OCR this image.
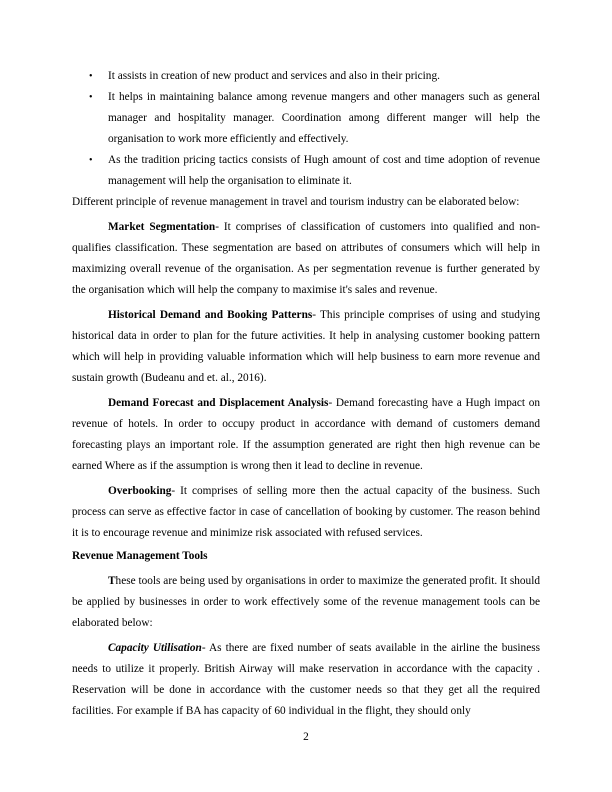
• It assists in creation of new product and services and also in their pricing.
• It helps in maintaining balance among revenue mangers and other managers such as general manager and hospitality manager. Coordination among different manger will help the organisation to work more efficiently and effectively.
• As the tradition pricing tactics consists of Hugh amount of cost and time adoption of revenue management will help the organisation to eliminate it.

Different principle of revenue management in travel and tourism industry can be elaborated below:

Market Segmentation- It comprises of classification of customers into qualified and non- qualifies classification. These segmentation are based on attributes of consumers which will help in maximizing overall revenue of the organisation. As per segmentation revenue is further generated by the organisation which will help the company to maximise it's sales and revenue.

Historical Demand and Booking Patterns- This principle comprises of using and studying historical data in order to plan for the future activities. It help in analysing customer booking pattern which will help in providing valuable information which will help business to earn more revenue and sustain growth (Budeanu and et. al., 2016).

Demand Forecast and Displacement Analysis- Demand forecasting have a Hugh impact on revenue of hotels. In order to occupy product in accordance with demand of customers demand forecasting plays an important role. If the assumption generated are right then high revenue can be earned Where as if the assumption is wrong then it lead to decline in revenue.

Overbooking- It comprises of selling more then the actual capacity of the business. Such process can serve as effective factor in case of cancellation of booking by customer. The reason behind it is to encourage revenue and minimize risk associated with refused services.

Revenue Management Tools

These tools are being used by organisations in order to maximize the generated profit. It should be applied by businesses in order to work effectively some of the revenue management tools can be elaborated below:

Capacity Utilisation- As there are fixed number of seats available in the airline the business needs to utilize it properly. British Airway will make reservation in accordance with the capacity . Reservation will be done in accordance with the customer needs so that they get all the required facilities. For example if BA has capacity of 60 individual in the flight, they should only

2
